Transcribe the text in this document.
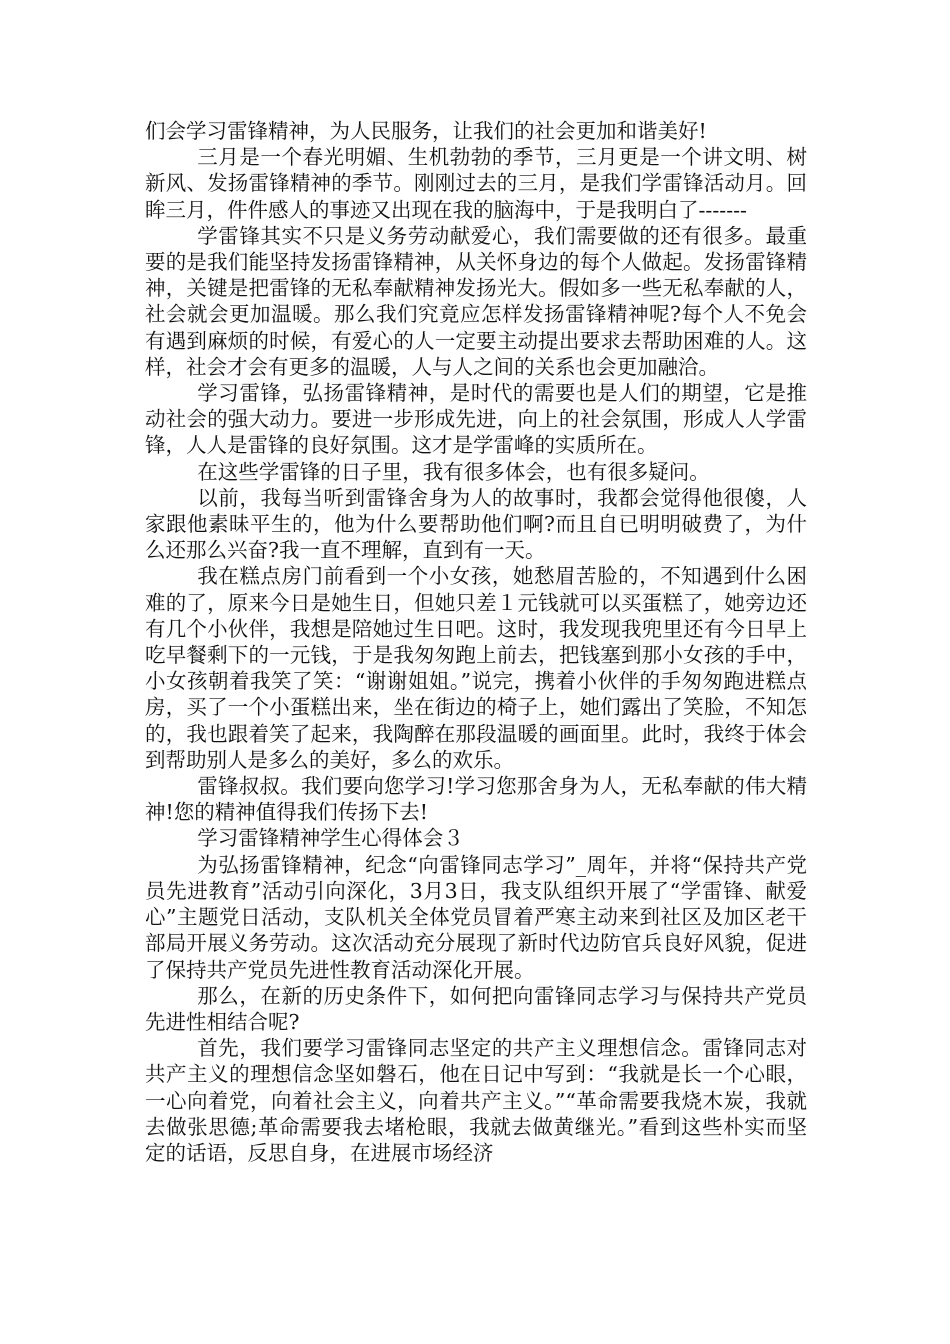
们会学习雷锋精神，为人民服务，让我们的社会更加和谐美好!

三月是一个春光明媚、生机勃勃的季节，三月更是一个讲文明、树新风、发扬雷锋精神的季节。刚刚过去的三月，是我们学雷锋活动月。回眸三月，件件感人的事迹又出现在我的脑海中，于是我明白了-------

学雷锋其实不只是义务劳动献爱心，我们需要做的还有很多。最重要的是我们能坚持发扬雷锋精神，从关怀身边的每个人做起。发扬雷锋精神，关键是把雷锋的无私奉献精神发扬光大。假如多一些无私奉献的人，社会就会更加温暖。那么我们究竟应怎样发扬雷锋精神呢?每个人不免会有遇到麻烦的时候，有爱心的人一定要主动提出要求去帮助困难的人。这样，社会才会有更多的温暖，人与人之间的关系也会更加融洽。

学习雷锋，弘扬雷锋精神，是时代的需要也是人们的期望，它是推动社会的强大动力。要进一步形成先进，向上的社会氛围，形成人人学雷锋，人人是雷锋的良好氛围。这才是学雷峰的实质所在。

在这些学雷锋的日子里，我有很多体会，也有很多疑问。

以前，我每当听到雷锋舍身为人的故事时，我都会觉得他很傻，人家跟他素昧平生的，他为什么要帮助他们啊?而且自已明明破费了，为什么还那么兴奋?我一直不理解，直到有一天。

我在糕点房门前看到一个小女孩，她愁眉苦脸的，不知遇到什么困难的了，原来今日是她生日，但她只差１元钱就可以买蛋糕了，她旁边还有几个小伙伴，我想是陪她过生日吧。这时，我发现我兜里还有今日早上吃早餐剩下的一元钱，于是我匆匆跑上前去，把钱塞到那小女孩的手中，小女孩朝着我笑了笑：“谢谢姐姐。”说完，携着小伙伴的手匆匆跑进糕点房，买了一个小蛋糕出来，坐在街边的椅子上，她们露出了笑脸，不知怎的，我也跟着笑了起来，我陶醉在那段温暖的画面里。此时，我终于体会到帮助别人是多么的美好，多么的欢乐。

雷锋叔叔。我们要向您学习!学习您那舍身为人，无私奉献的伟大精神!您的精神值得我们传扬下去!

学习雷锋精神学生心得体会３

为弘扬雷锋精神，纪念“向雷锋同志学习”_周年，并将“保持共产党员先进教育”活动引向深化，3月3日，我支队组织开展了“学雷锋、献爱心”主题党日活动，支队机关全体党员冒着严寒主动来到社区及加区老干部局开展义务劳动。这次活动充分展现了新时代边防官兵良好风貌，促进了保持共产党员先进性教育活动深化开展。

那么，在新的历史条件下，如何把向雷锋同志学习与保持共产党员先进性相结合呢?

首先，我们要学习雷锋同志坚定的共产主义理想信念。雷锋同志对共产主义的理想信念坚如磐石，他在日记中写到：“我就是长一个心眼，一心向着党，向着社会主义，向着共产主义。”“革命需要我烧木炭，我就去做张思德;革命需要我去堵枪眼，我就去做黄继光。”看到这些朴实而坚定的话语，反思自身，在进展市场经济
